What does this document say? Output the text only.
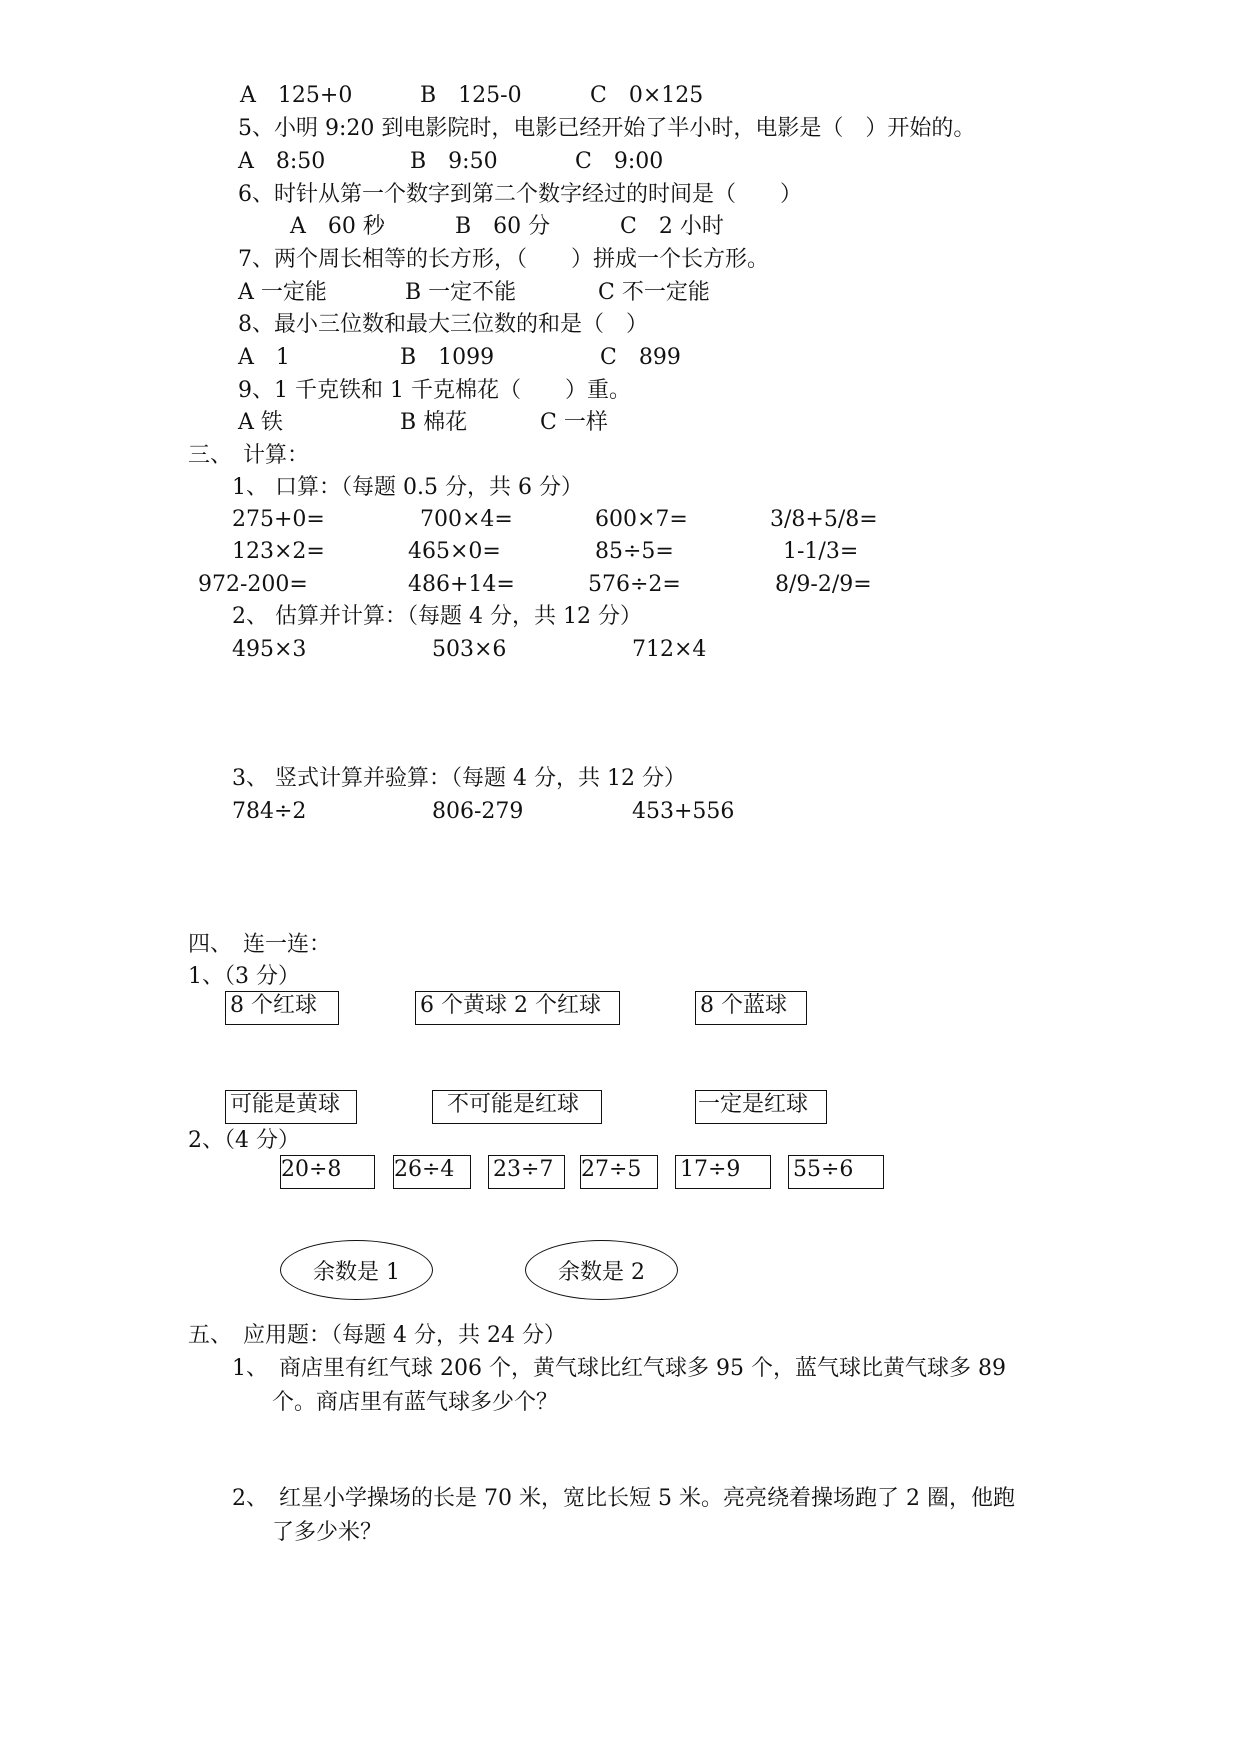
A　125+0	B　125-0	C　0×125
5、小明 9:20 到电影院时，电影已经开始了半小时，电影是（　）开始的。
A　8:50	B　9:50	C　9:00
6、时针从第一个数字到第二个数字经过的时间是（　　）
A　60 秒	B　60 分	C　2 小时
7、两个周长相等的长方形，（　　）拼成一个长方形。
A 一定能	B 一定不能	C 不一定能
8、最小三位数和最大三位数的和是（　）
A　1	B　1099	C　899
9、1 千克铁和 1 千克棉花（　　）重。
A 铁	B 棉花	C 一样
三、　计算：
1、 口算：（每题 0.5 分，共 6 分）
275+0=	700×4=	600×7=	3/8+5/8=
123×2=	465×0=	85÷5=	1-1/3=
972-200=	486+14=	576÷2=	8/9-2/9=
2、 估算并计算：（每题 4 分，共 12 分）
495×3	503×6	712×4
3、 竖式计算并验算：（每题 4 分，共 12 分）
784÷2	806-279	453+556
四、　连一连：
1、（3 分）
8 个红球	6 个黄球 2 个红球	8 个蓝球
可能是黄球	不可能是红球	一定是红球
2、（4 分）
20÷8	26÷4	23÷7	27÷5	17÷9	55÷6
余数是 1	余数是 2
五、　应用题：（每题 4 分，共 24 分）
1、　商店里有红气球 206 个，黄气球比红气球多 95 个，蓝气球比黄气球多 89
个。商店里有蓝气球多少个？
2、　红星小学操场的长是 70 米，宽比长短 5 米。亮亮绕着操场跑了 2 圈，他跑
了多少米？
